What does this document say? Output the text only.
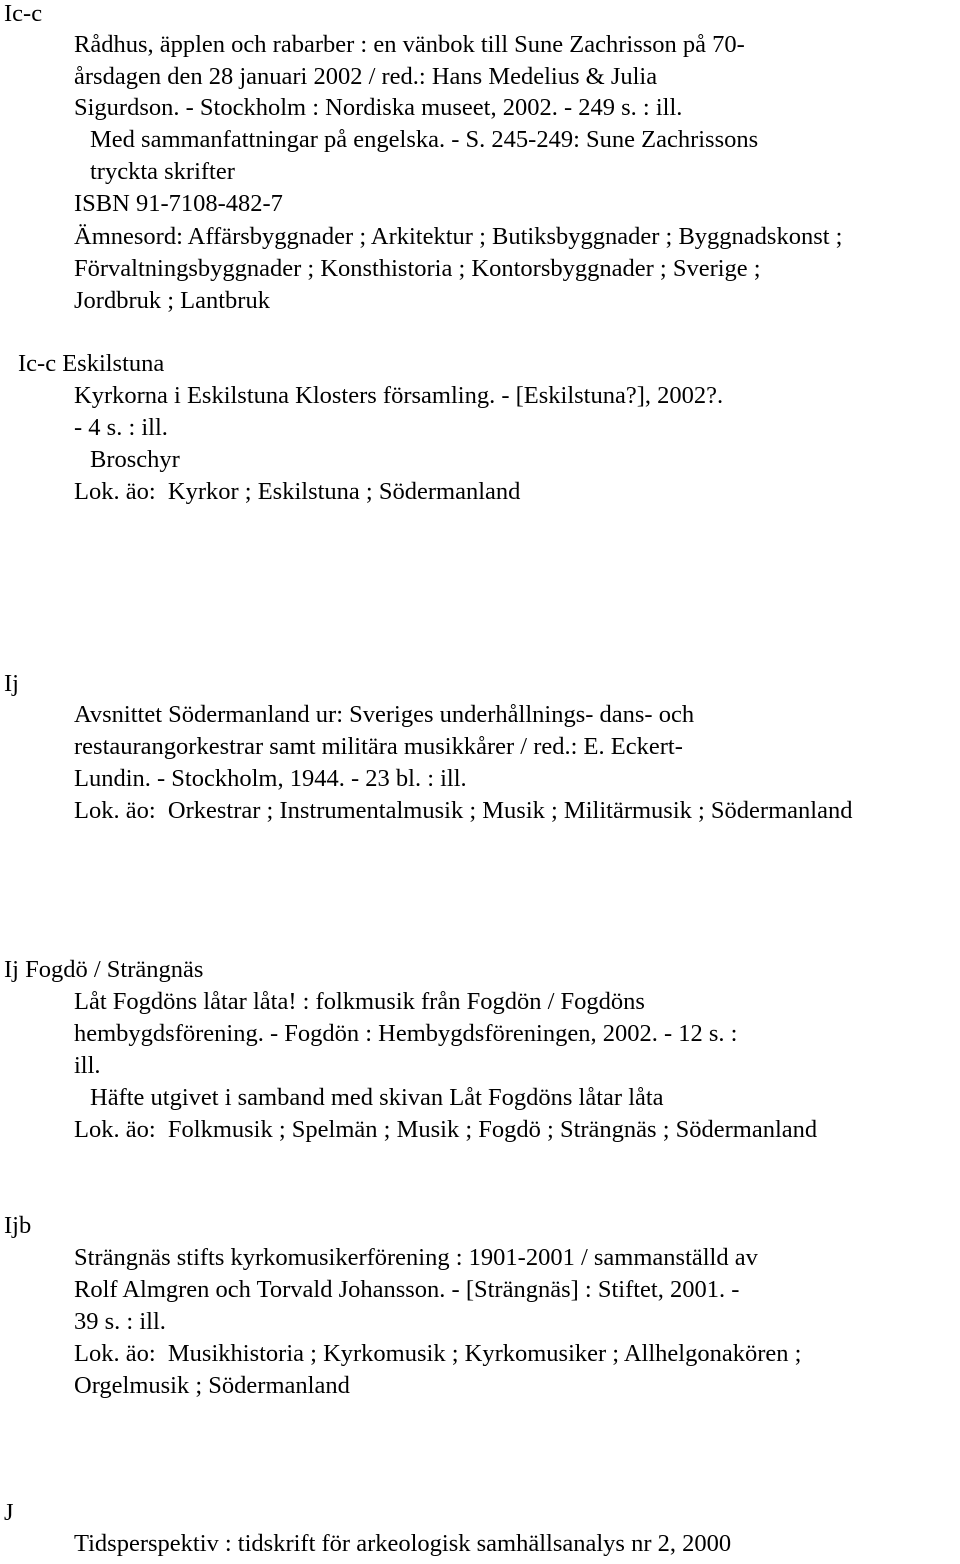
Ic-c
Rådhus, äpplen och rabarber : en vänbok till Sune Zachrisson på 70-
årsdagen den 28 januari 2002 / red.: Hans Medelius & Julia
Sigurdson. - Stockholm : Nordiska museet, 2002. - 249 s. : ill.
Med sammanfattningar på engelska. - S. 245-249: Sune Zachrissons
tryckta skrifter
ISBN 91-7108-482-7
Ämnesord: Affärsbyggnader ; Arkitektur ; Butiksbyggnader ; Byggnadskonst ;
Förvaltningsbyggnader ; Konsthistoria ; Kontorsbyggnader ; Sverige ;
Jordbruk ; Lantbruk
Ic-c Eskilstuna
Kyrkorna i Eskilstuna Klosters församling. - [Eskilstuna?], 2002?.
- 4 s. : ill.
Broschyr
Lok. äo:  Kyrkor ; Eskilstuna ; Södermanland
Ij
Avsnittet Södermanland ur: Sveriges underhållnings- dans- och
restaurangorkestrar samt militära musikkårer / red.: E. Eckert-
Lundin. - Stockholm, 1944. - 23 bl. : ill.
Lok. äo:  Orkestrar ; Instrumentalmusik ; Musik ; Militärmusik ; Södermanland
Ij Fogdö / Strängnäs
Låt Fogdöns låtar låta! : folkmusik från Fogdön / Fogdöns
hembygdsförening. - Fogdön : Hembygdsföreningen, 2002. - 12 s. :
ill.
Häfte utgivet i samband med skivan Låt Fogdöns låtar låta
Lok. äo:  Folkmusik ; Spelmän ; Musik ; Fogdö ; Strängnäs ; Södermanland
Ijb
Strängnäs stifts kyrkomusikerförening : 1901-2001 / sammanställd av
Rolf Almgren och Torvald Johansson. - [Strängnäs] : Stiftet, 2001. -
39 s. : ill.
Lok. äo:  Musikhistoria ; Kyrkomusik ; Kyrkomusiker ; Allhelgonakören ;
Orgelmusik ; Södermanland
J
Tidsperspektiv : tidskrift för arkeologisk samhällsanalys nr 2, 2000
